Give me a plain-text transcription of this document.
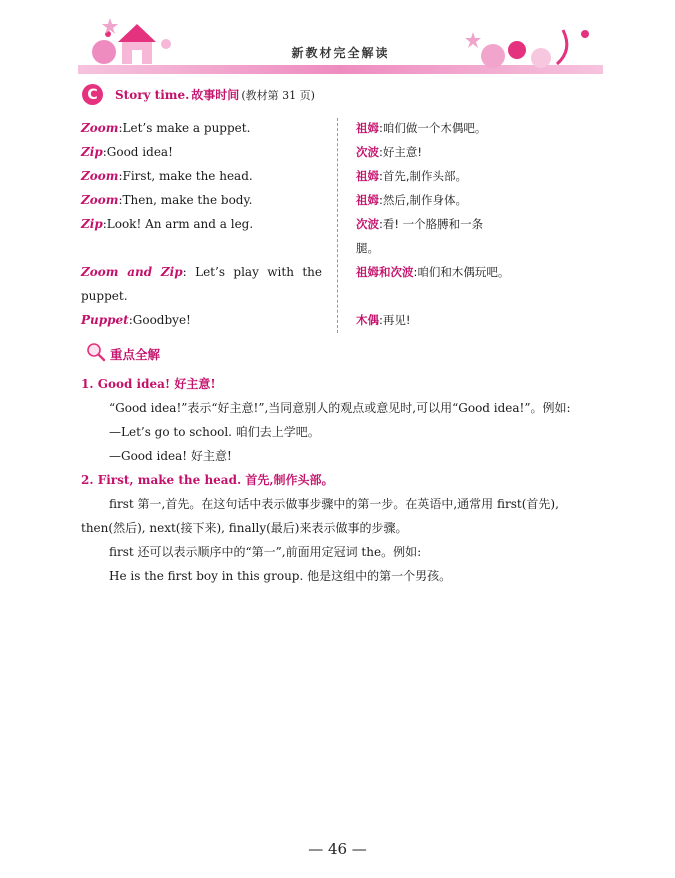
新教材完全解读
C	Story time. 故事时间 (教材第 31 页)
Zoom:Let’s make a puppet.
Zip:Good idea!
Zoom:First, make the head.
Zoom:Then, make the body.
Zip:Look! An arm and a leg.
Zoom and Zip: Let’s play with the puppet.
Puppet:Goodbye!
祖姆:咱们做一个木偶吧。
次波:好主意!
祖姆:首先,制作头部。
祖姆:然后,制作身体。
次波:看! 一个胳膊和一条腿。
祖姆和次波:咱们和木偶玩吧。
木偶:再见!
重点全解

1. Good idea! 好主意!

“Good idea!”表示“好主意!”,当同意别人的观点或意见时,可以用“Good idea!”。例如:

—Let’s go to school. 咱们去上学吧。

—Good idea! 好主意!

2. First, make the head. 首先,制作头部。

first 第一,首先。在这句话中表示做事步骤中的第一步。在英语中,通常用 first(首先), then(然后), next(接下来), finally(最后)来表示做事的步骤。

first 还可以表示顺序中的“第一”,前面用定冠词 the。例如:

He is the first boy in this group. 他是这组中的第一个男孩。

— 46 —
